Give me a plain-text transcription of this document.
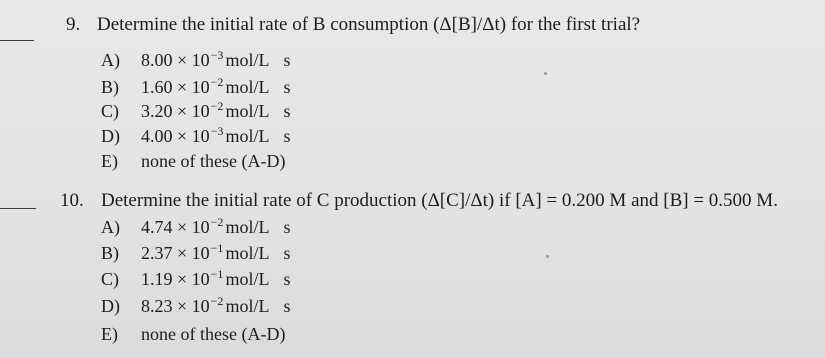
9. Determine the initial rate of B consumption (Δ[B]/Δt) for the first trial?
A) $8.00 \times 10^{-3}$ mol/L s
B) $1.60 \times 10^{-2}$ mol/L s
C) $3.20 \times 10^{-2}$ mol/L s
D) $4.00 \times 10^{-3}$ mol/L s
E) none of these (A-D)
10. Determine the initial rate of C production (Δ[C]/Δt) if [A] = 0.200 M and [B] = 0.500 M.
A) $4.74 \times 10^{-2}$ mol/L s
B) $2.37 \times 10^{-1}$ mol/L s
C) $1.19 \times 10^{-1}$ mol/L s
D) $8.23 \times 10^{-2}$ mol/L s
E) none of these (A-D)
